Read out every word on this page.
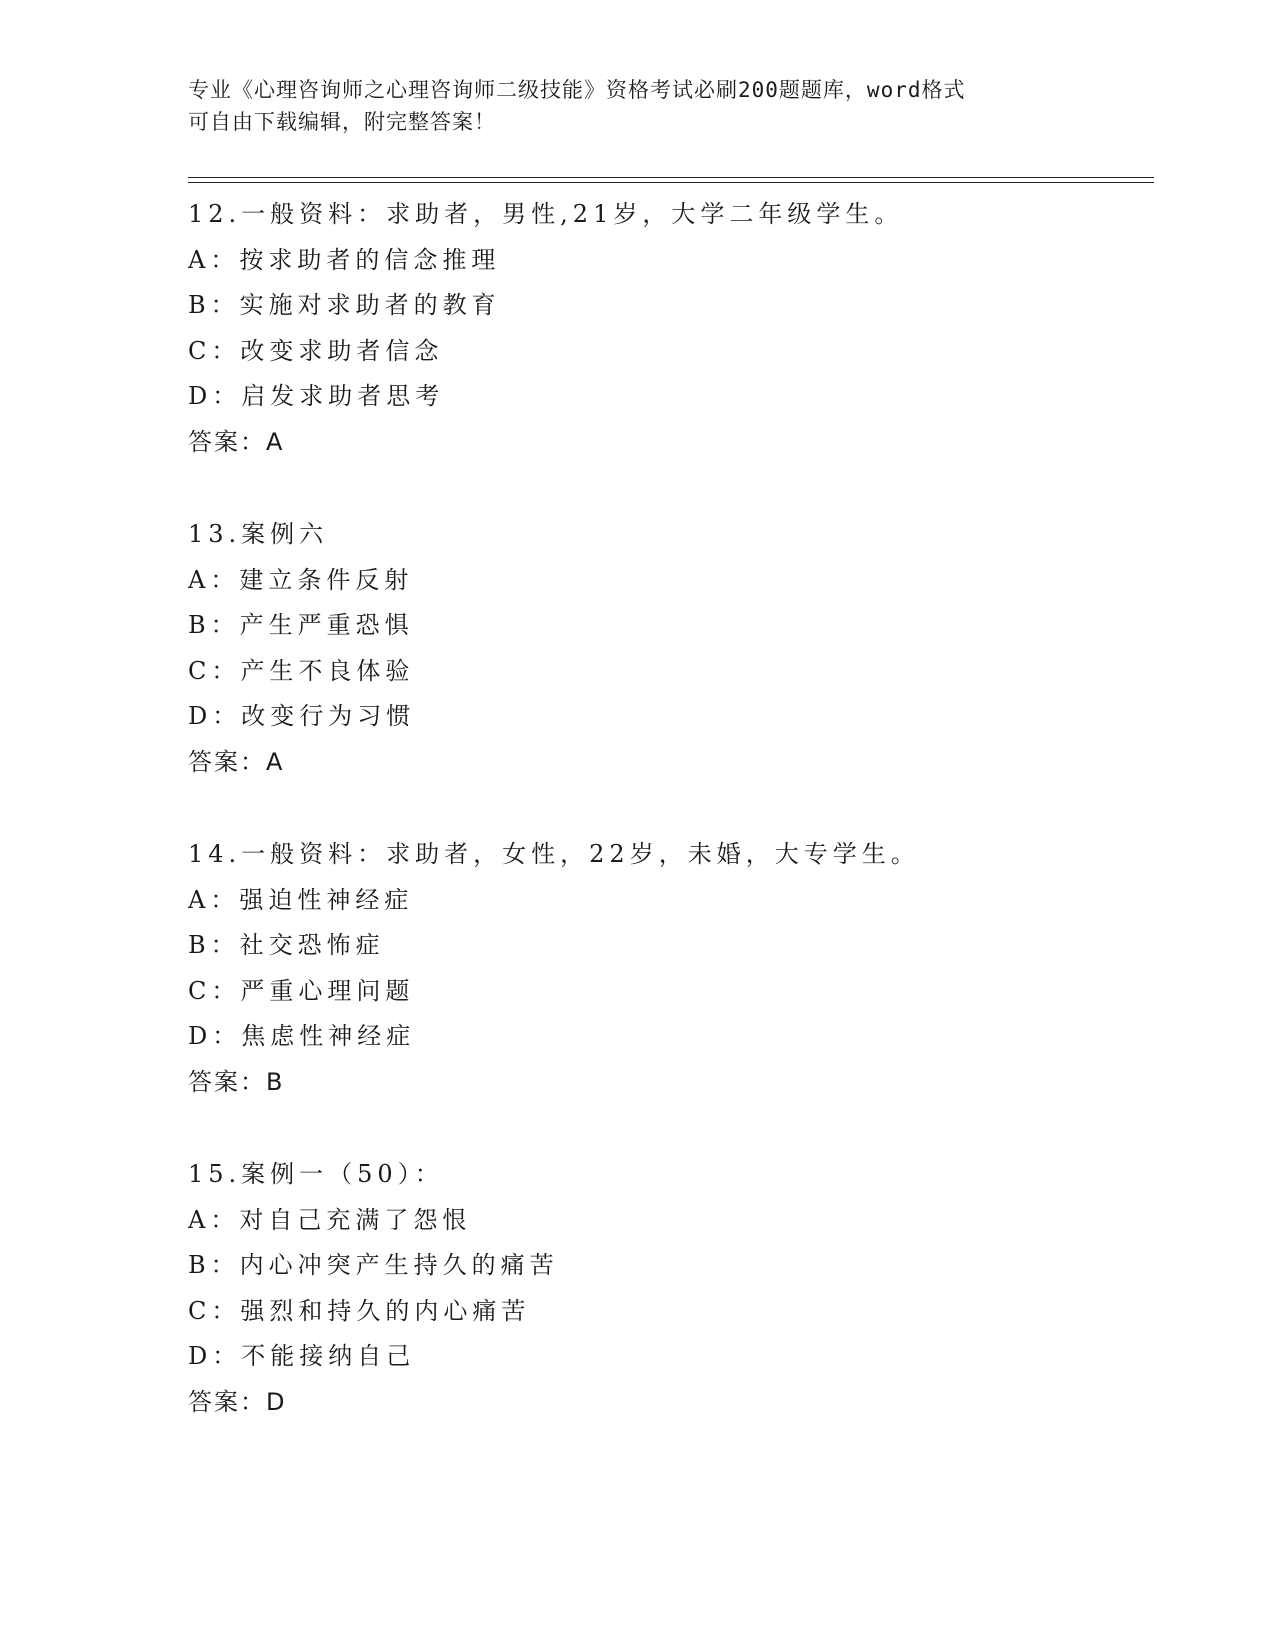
专业《心理咨询师之心理咨询师二级技能》资格考试必刷200题题库，word格式
可自由下载编辑，附完整答案！
12.一般资料：求助者，男性,21岁，大学二年级学生。
A：按求助者的信念推理
B：实施对求助者的教育
C：改变求助者信念
D：启发求助者思考
答案：A
13.案例六
A：建立条件反射
B：产生严重恐惧
C：产生不良体验
D：改变行为习惯
答案：A
14.一般资料：求助者，女性，22岁，未婚，大专学生。
A：强迫性神经症
B：社交恐怖症
C：严重心理问题
D：焦虑性神经症
答案：B
15.案例一（50）：
A：对自己充满了怨恨
B：内心冲突产生持久的痛苦
C：强烈和持久的内心痛苦
D：不能接纳自己
答案：D
